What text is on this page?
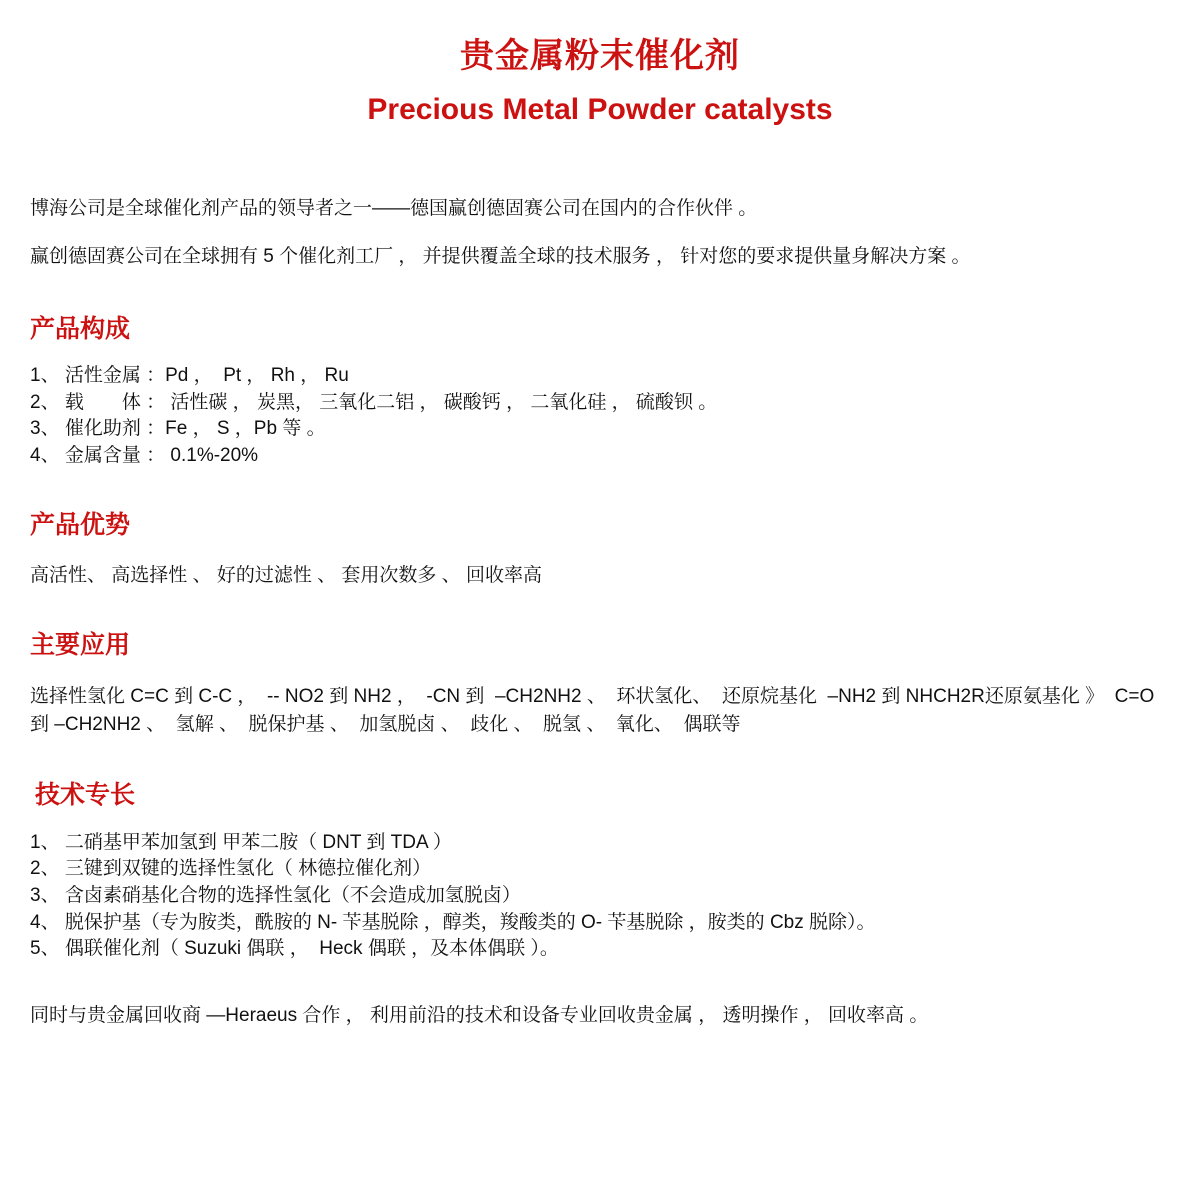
贵金属粉末催化剂
Precious Metal Powder catalysts

博海公司是全球催化剂产品的领导者之一——德国赢创德固赛公司在国内的合作伙伴 。

赢创德固赛公司在全球拥有 5 个催化剂工厂 ， 并提供覆盖全球的技术服务 ， 针对您的要求提供量身解决方案 。

产品构成

1、 活性金属 ：Pd ，  Pt ， Rh ， Ru

2、 载　　体 ： 活性碳 ， 炭黑， 三氧化二铝 ， 碳酸钙 ， 二氧化硅 ， 硫酸钡 。

3、 催化助剂 ：Fe ， S ，Pb 等 。

4、 金属含量 ： 0.1%-20%

产品优势

高活性、 高选择性 、 好的过滤性 、 套用次数多 、 回收率高

主要应用

选择性氢化 C=C 到 C-C ，  -- NO2 到 NH2 ，  -CN 到  –CH2NH2 、  环状氢化、  还原烷基化  –NH2 到 NHCH2R还原氨基化 》  C=O 到 –CH2NH2 、  氢解 、  脱保护基 、  加氢脱卤 、  歧化 、  脱氢 、  氧化、  偶联等

技术专长

1、 二硝基甲苯加氢到 甲苯二胺（ DNT 到 TDA ）

2、 三键到双键的选择性氢化（ 林德拉催化剂）

3、 含卤素硝基化合物的选择性氢化（不会造成加氢脱卤）

4、 脱保护基（专为胺类，酰胺的 N- 苄基脱除 ，醇类，羧酸类的 O- 苄基脱除 ，胺类的 Cbz 脱除）。

5、 偶联催化剂（ Suzuki 偶联 ，  Heck 偶联 ，及本体偶联 ）。

同时与贵金属回收商 —Heraeus 合作 ， 利用前沿的技术和设备专业回收贵金属 ， 透明操作 ， 回收率高 。
